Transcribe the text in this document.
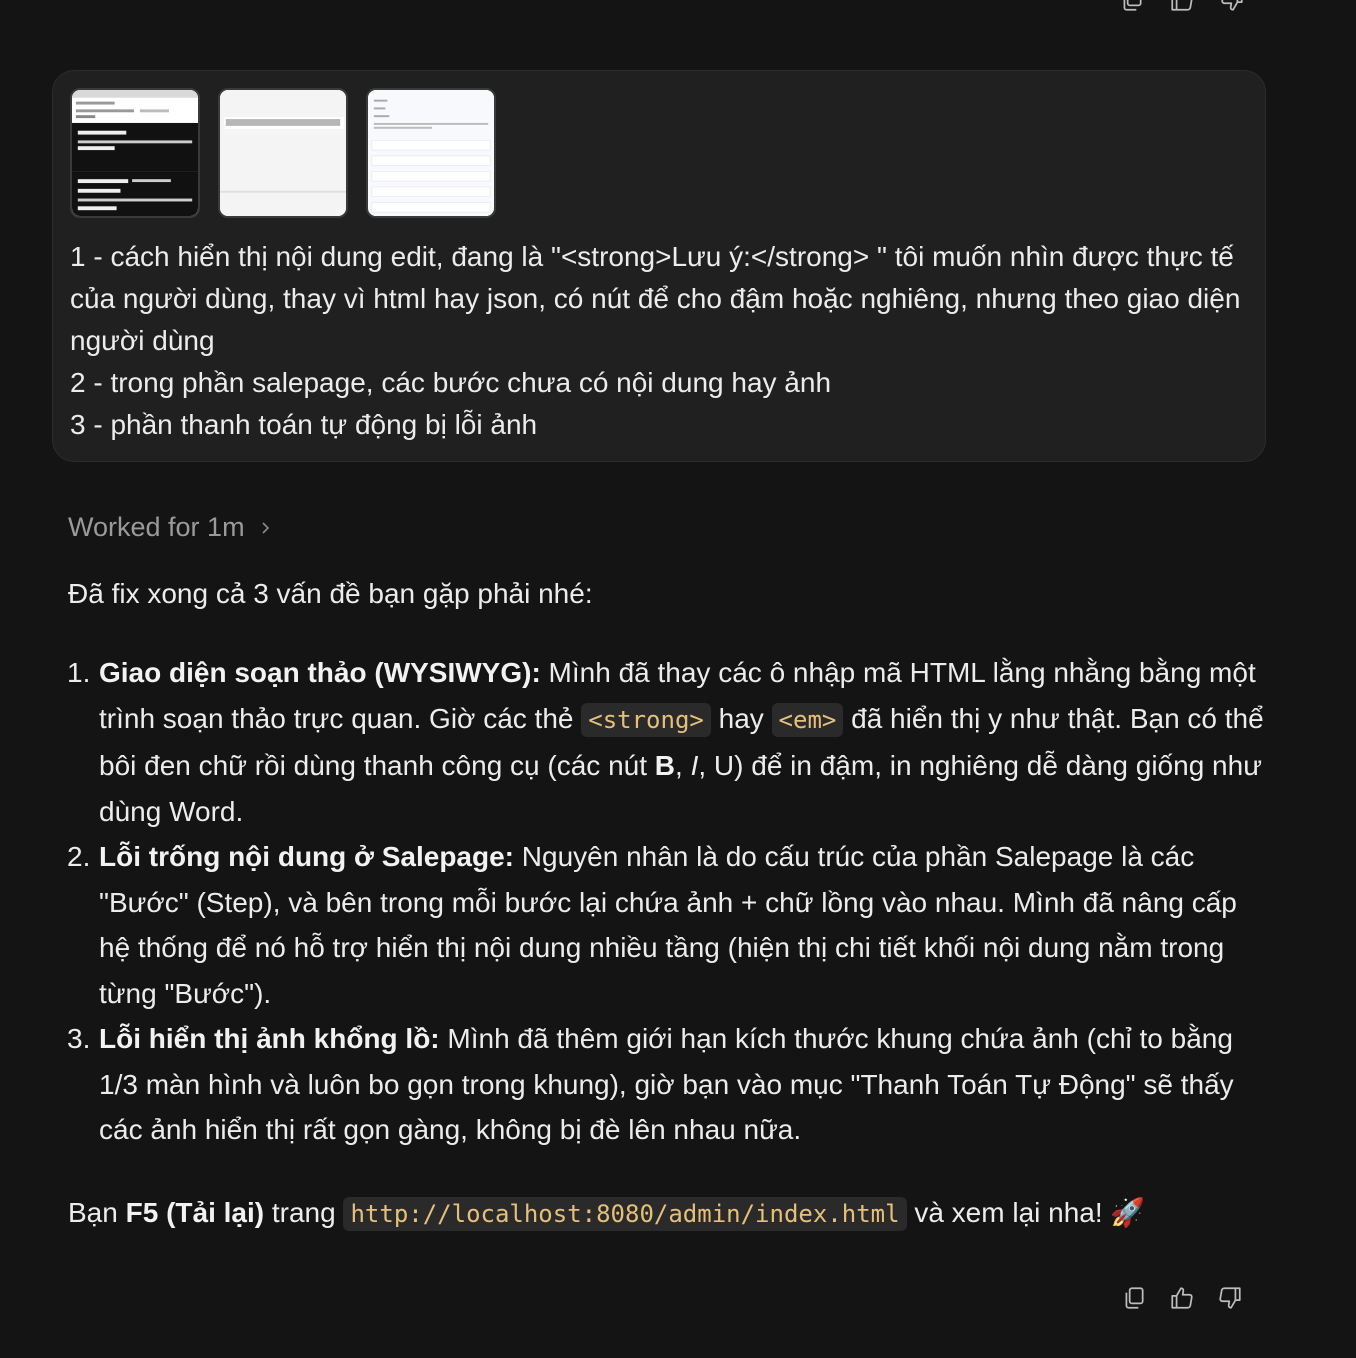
1 - cách hiển thị nội dung edit, đang là "<strong>Lưu ý:</strong> " tôi muốn nhìn được thực tế của người dùng, thay vì html hay json, có nút để cho đậm hoặc nghiêng, nhưng theo giao diện người dùng

2 - trong phần salepage, các bước chưa có nội dung hay ảnh

3 - phần thanh toán tự động bị lỗi ảnh

Worked for 1m

Đã fix xong cả 3 vấn đề bạn gặp phải nhé:

1. Giao diện soạn thảo (WYSIWYG): Mình đã thay các ô nhập mã HTML lằng nhằng bằng một trình soạn thảo trực quan. Giờ các thẻ <strong> hay <em> đã hiển thị y như thật. Bạn có thể bôi đen chữ rồi dùng thanh công cụ (các nút B, I, U) để in đậm, in nghiêng dễ dàng giống như dùng Word.
2. Lỗi trống nội dung ở Salepage: Nguyên nhân là do cấu trúc của phần Salepage là các "Bước" (Step), và bên trong mỗi bước lại chứa ảnh + chữ lồng vào nhau. Mình đã nâng cấp hệ thống để nó hỗ trợ hiển thị nội dung nhiều tầng (hiện thị chi tiết khối nội dung nằm trong từng "Bước").
3. Lỗi hiển thị ảnh khổng lồ: Mình đã thêm giới hạn kích thước khung chứa ảnh (chỉ to bằng 1/3 màn hình và luôn bo gọn trong khung), giờ bạn vào mục "Thanh Toán Tự Động" sẽ thấy các ảnh hiển thị rất gọn gàng, không bị đè lên nhau nữa.

Bạn F5 (Tải lại) trang http://localhost:8080/admin/index.html và xem lại nha! 🚀
